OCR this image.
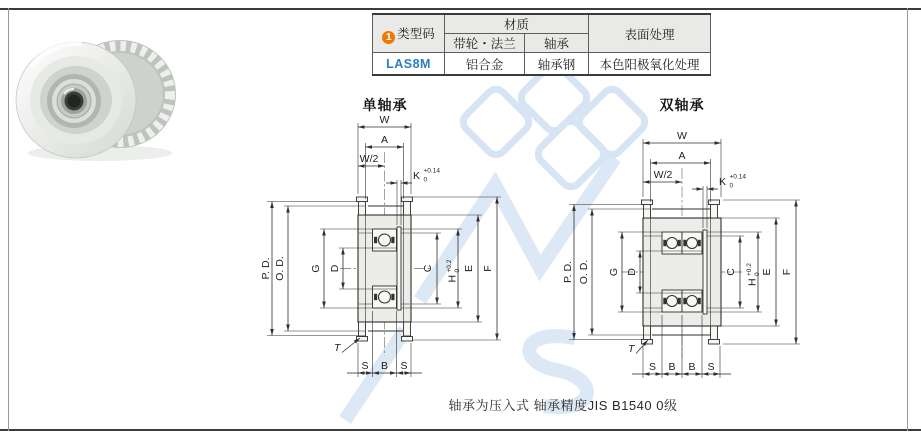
1 类型码	材质		表面处理
	带轮・法兰	轴承	
LAS8M	铝合金	轴承钢	本色阳极氧化处理
单轴承	双轴承
W
A
W/2
K +0.14
0
P. D. O. D. G D	C
H
+0.2 0 E F
S B S
T
W
A
W/2
K +0.14
0
P. D. O. D. G D	C
H
+0.2 0 E F
S B B S
T
轴承为压入式 轴承精度JIS B1540 0级
